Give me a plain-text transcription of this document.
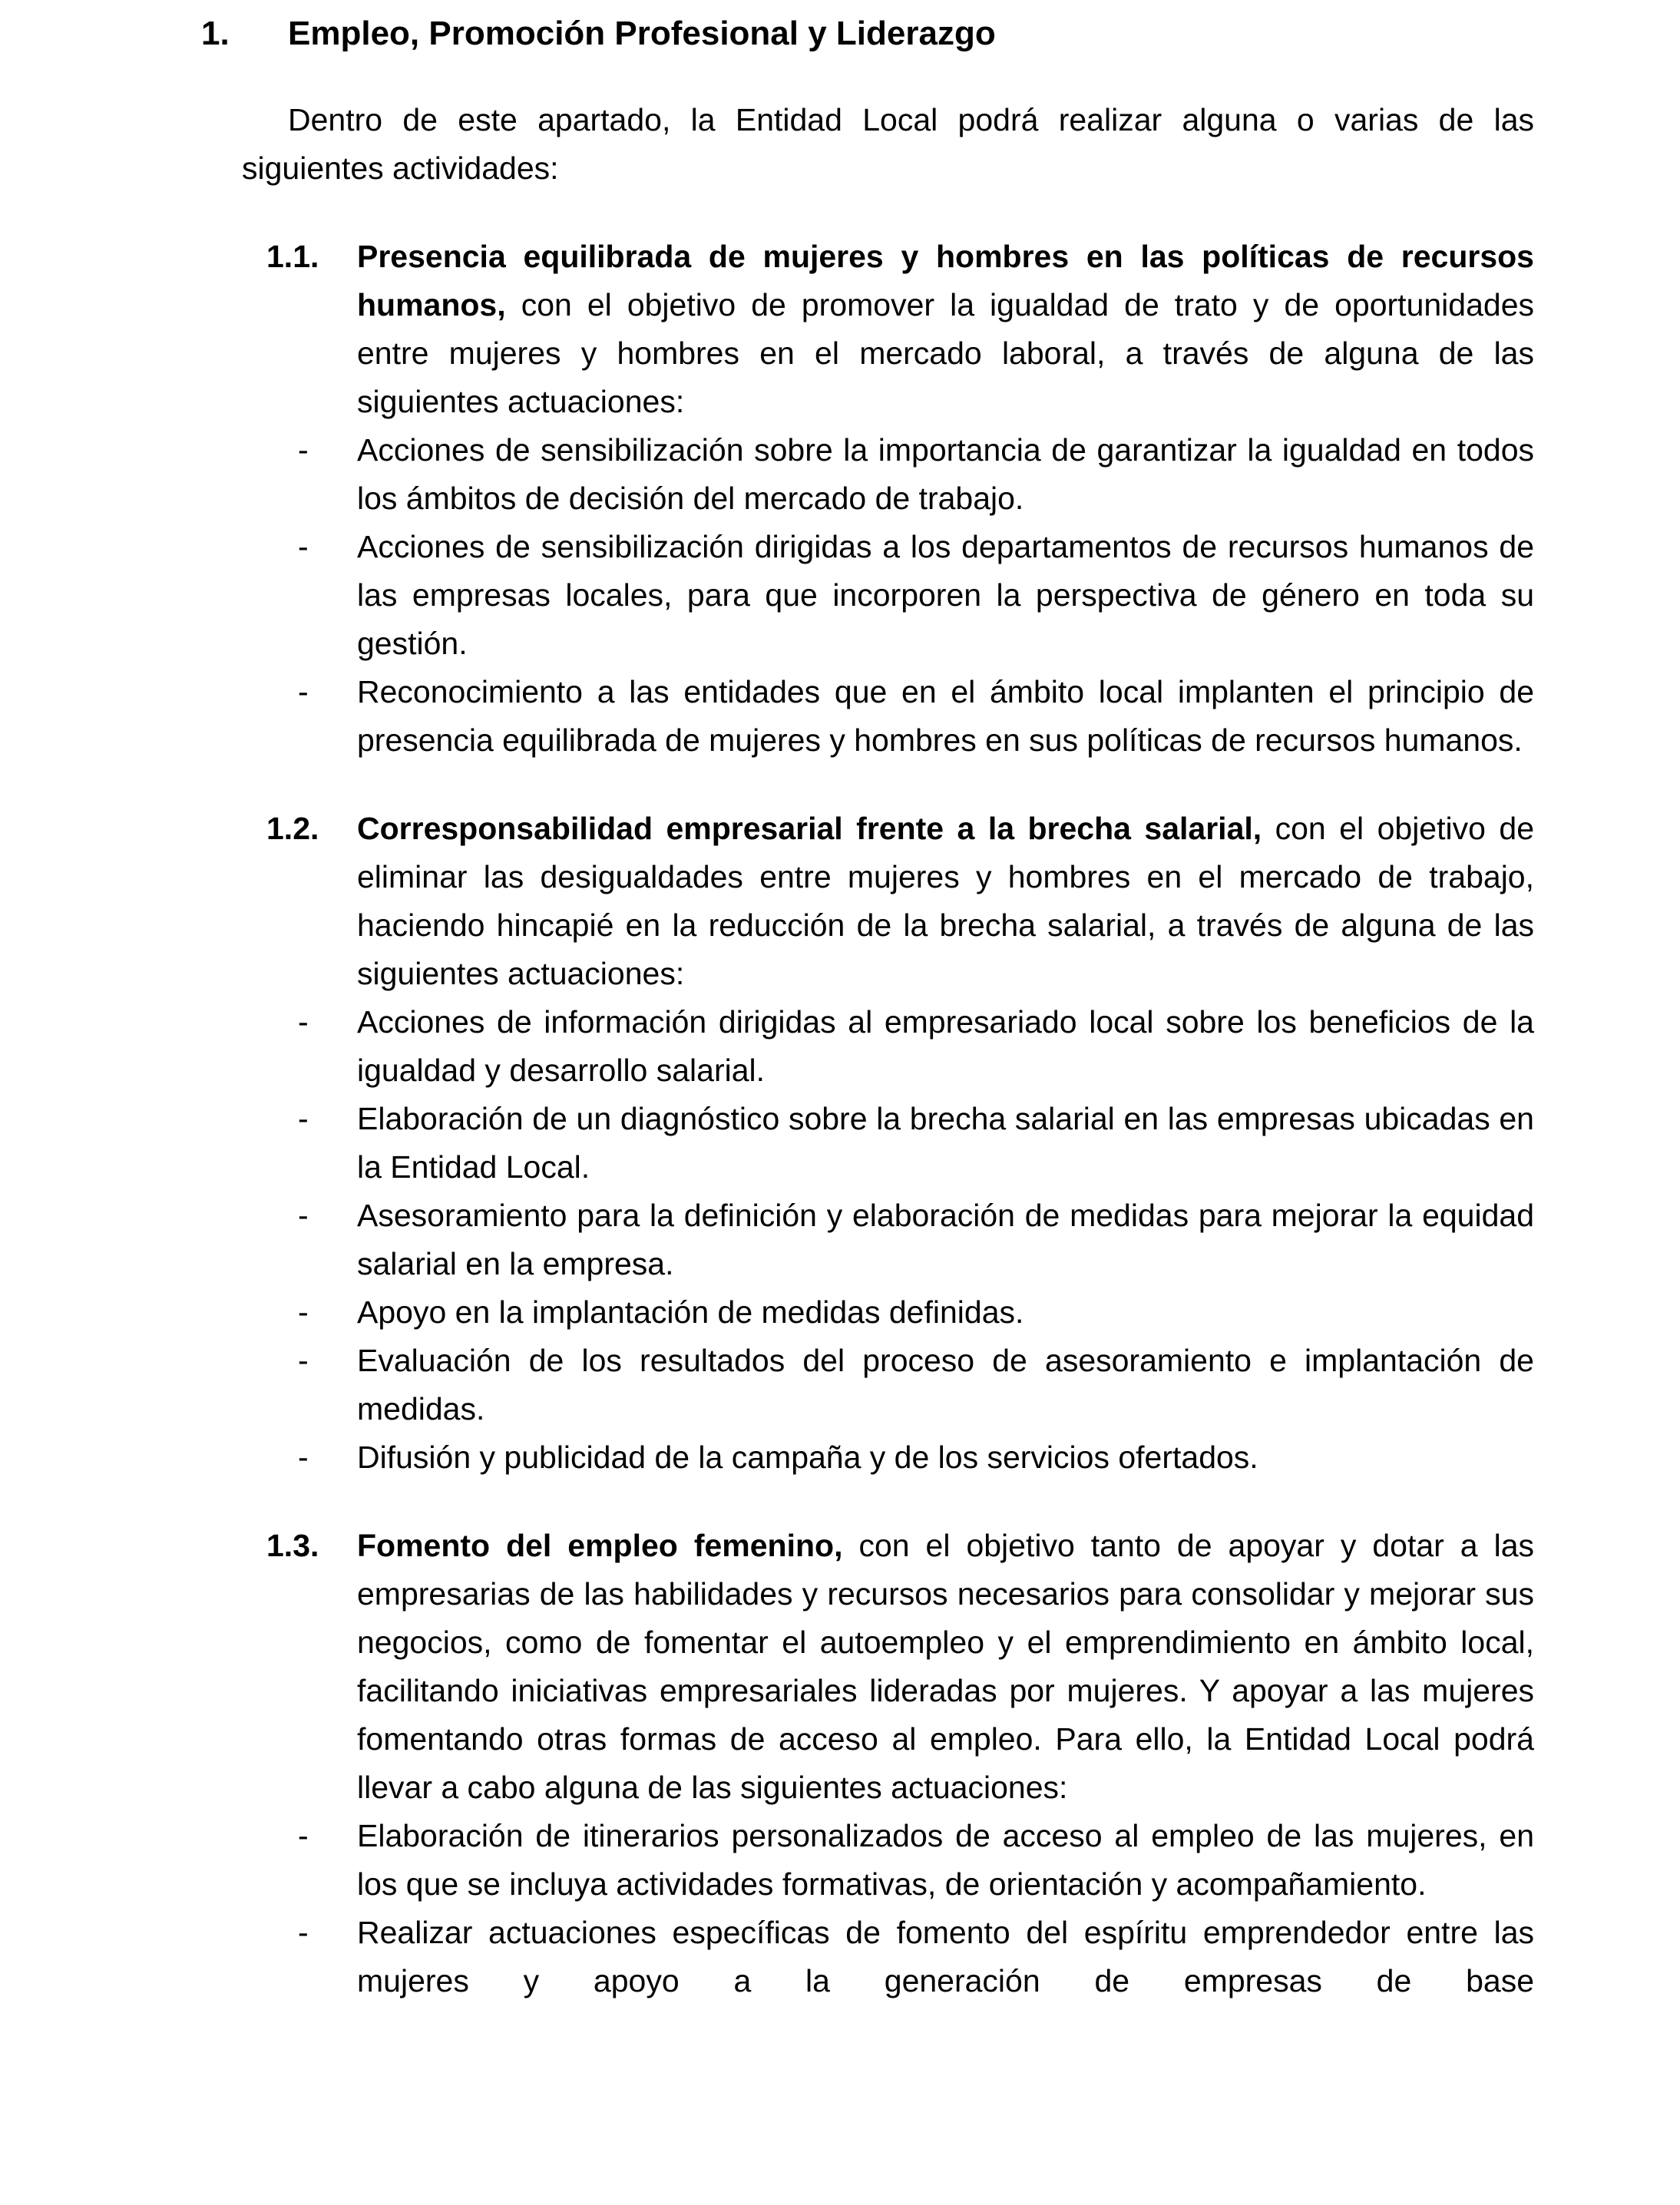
1.	Empleo, Promoción Profesional y Liderazgo

Dentro de este apartado, la Entidad Local podrá realizar alguna o varias de las siguientes actividades:

1.1. Presencia equilibrada de mujeres y hombres en las políticas de recursos humanos, con el objetivo de promover la igualdad de trato y de oportunidades entre mujeres y hombres en el mercado laboral, a través de alguna de las siguientes actuaciones:

- Acciones de sensibilización sobre la importancia de garantizar la igualdad en todos los ámbitos de decisión del mercado de trabajo.
- Acciones de sensibilización dirigidas a los departamentos de recursos humanos de las empresas locales, para que incorporen la perspectiva de género en toda su gestión.
- Reconocimiento a las entidades que en el ámbito local implanten el principio de presencia equilibrada de mujeres y hombres en sus políticas de recursos humanos.
1.2. Corresponsabilidad empresarial frente a la brecha salarial, con el objetivo de eliminar las desigualdades entre mujeres y hombres en el mercado de trabajo, haciendo hincapié en la reducción de la brecha salarial, a través de alguna de las siguientes actuaciones:

- Acciones de información dirigidas al empresariado local sobre los beneficios de la igualdad y desarrollo salarial.
- Elaboración de un diagnóstico sobre la brecha salarial en las empresas ubicadas en la Entidad Local.
- Asesoramiento para la definición y elaboración de medidas para mejorar la equidad salarial en la empresa.
- Apoyo en la implantación de medidas definidas.
- Evaluación de los resultados del proceso de asesoramiento e implantación de medidas.
- Difusión y publicidad de la campaña y de los servicios ofertados.
1.3. Fomento del empleo femenino, con el objetivo tanto de apoyar y dotar a las empresarias de las habilidades y recursos necesarios para consolidar y mejorar sus negocios, como de fomentar el autoempleo y el emprendimiento en ámbito local, facilitando iniciativas empresariales lideradas por mujeres. Y apoyar a las mujeres fomentando otras formas de acceso al empleo. Para ello, la Entidad Local podrá llevar a cabo alguna de las siguientes actuaciones:

- Elaboración de itinerarios personalizados de acceso al empleo de las mujeres, en los que se incluya actividades formativas, de orientación y acompañamiento.
- Realizar actuaciones específicas de fomento del espíritu emprendedor entre las mujeres y apoyo a la generación de empresas de base
